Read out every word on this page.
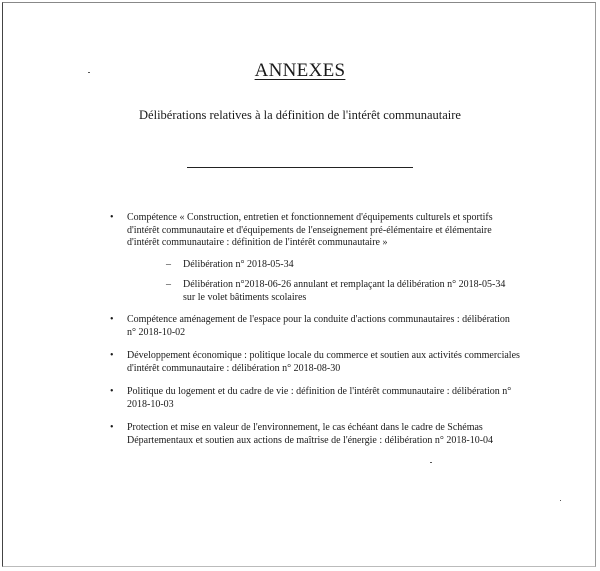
ANNEXES
Délibérations relatives à la définition de l'intérêt communautaire
• Compétence « Construction, entretien et fonctionnement d'équipements culturels et sportifs d'intérêt communautaire et d'équipements de l'enseignement pré-élémentaire et élémentaire d'intérêt communautaire : définition de l'intérêt communautaire »
–	Délibération n° 2018-05-34
–	Délibération n°2018-06-26 annulant et remplaçant la délibération n° 2018-05-34 sur le volet bâtiments scolaires
• Compétence aménagement de l'espace pour la conduite d'actions communautaires : délibération n° 2018-10-02
• Développement économique : politique locale du commerce et soutien aux activités commerciales d'intérêt communautaire : délibération n° 2018-08-30
• Politique du logement et du cadre de vie : définition de l'intérêt communautaire : délibération n° 2018-10-03
• Protection et mise en valeur de l'environnement, le cas échéant dans le cadre de Schémas Départementaux et soutien aux actions de maîtrise de l'énergie : délibération n° 2018-10-04
